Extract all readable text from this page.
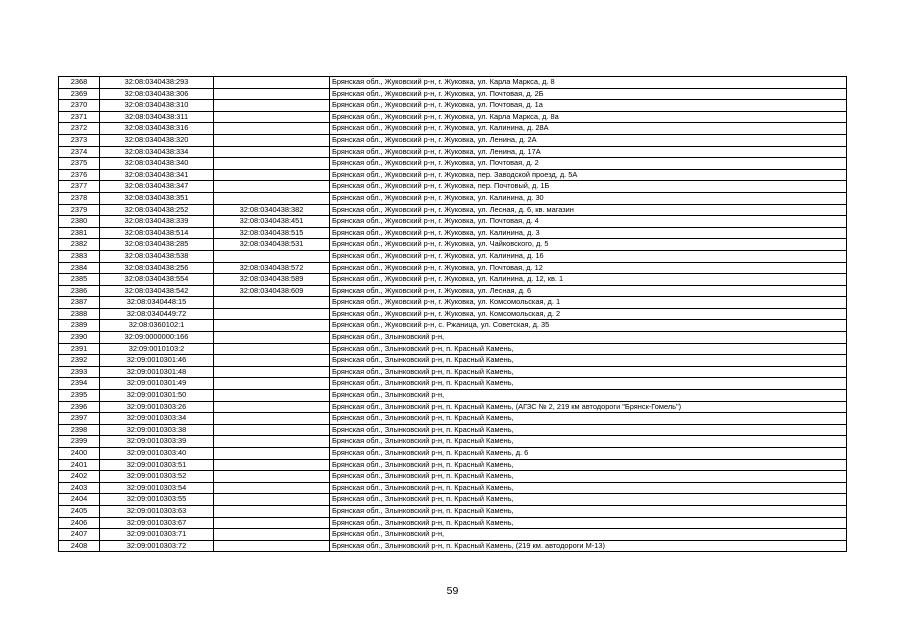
2368	32:08:0340438:293		Брянская обл., Жуковский р-н, г. Жуковка, ул. Карла Маркса, д. 8
2369	32:08:0340438:306		Брянская обл., Жуковский р-н, г. Жуковка, ул. Почтовая, д. 2Б
2370	32:08:0340438:310		Брянская обл., Жуковский р-н, г. Жуковка, ул. Почтовая, д. 1а
2371	32:08:0340438:311		Брянская обл., Жуковский р-н, г. Жуковка, ул. Карла Маркса, д. 8а
2372	32:08:0340438:316		Брянская обл., Жуковский р-н, г. Жуковка, ул. Калинина, д. 28А
2373	32:08:0340438:320		Брянская обл., Жуковский р-н, г. Жуковка, ул. Ленина, д. 2А
2374	32:08:0340438:334		Брянская обл., Жуковский р-н, г. Жуковка, ул. Ленина, д. 17А
2375	32:08:0340438:340		Брянская обл., Жуковский р-н, г. Жуковка, ул. Почтовая, д. 2
2376	32:08:0340438:341		Брянская обл., Жуковский р-н, г. Жуковка, пер. Заводской проезд, д. 5А
2377	32:08:0340438:347		Брянская обл., Жуковский р-н, г. Жуковка, пер. Почтовый, д. 1Б
2378	32:08:0340438:351		Брянская обл., Жуковский р-н, г. Жуковка, ул. Калинина, д. 30
2379	32:08:0340438:252	32:08:0340438:382	Брянская обл., Жуковский р-н, г. Жуковка, ул. Лесная, д. 6, кв. магазин
2380	32:08:0340438:339	32:08:0340438:451	Брянская обл., Жуковский р-н, г. Жуковка, ул. Почтовая, д. 4
2381	32:08:0340438:514	32:08:0340438:515	Брянская обл., Жуковский р-н, г. Жуковка, ул. Калинина, д. 3
2382	32:08:0340438:285	32:08:0340438:531	Брянская обл., Жуковский р-н, г. Жуковка, ул. Чайковского, д. 5
2383	32:08:0340438:538		Брянская обл., Жуковский р-н, г. Жуковка, ул. Калинина, д. 16
2384	32:08:0340438:256	32:08:0340438:572	Брянская обл., Жуковский р-н, г. Жуковка, ул. Почтовая, д. 12
2385	32:08:0340438:554	32:08:0340438:589	Брянская обл., Жуковский р-н, г. Жуковка, ул. Калинина, д. 12, кв. 1
2386	32:08:0340438:542	32:08:0340438:609	Брянская обл., Жуковский р-н, г. Жуковка, ул. Лесная, д. 6
2387	32:08:0340448:15		Брянская обл., Жуковский р-н, г. Жуковка, ул. Комсомольская, д. 1
2388	32:08:0340449:72		Брянская обл., Жуковский р-н, г. Жуковка, ул. Комсомольская, д. 2
2389	32:08:0360102:1		Брянская обл., Жуковский р-н, с. Ржаница, ул. Советская, д. 35
2390	32:09:0000000:166		Брянская обл., Злынковский р-н,
2391	32:09:0010103:2		Брянская обл., Злынковский р-н, п. Красный Камень,
2392	32:09:0010301:46		Брянская обл., Злынковский р-н, п. Красный Камень,
2393	32:09:0010301:48		Брянская обл., Злынковский р-н, п. Красный Камень,
2394	32:09:0010301:49		Брянская обл., Злынковский р-н, п. Красный Камень,
2395	32:09:0010301:50		Брянская обл., Злынковский р-н,
2396	32:09:0010303:26		Брянская обл., Злынковский р-н, п. Красный Камень, (АГЗС № 2, 219 км автодороги "Брянск-Гомель")
2397	32:09:0010303:34		Брянская обл., Злынковский р-н, п. Красный Камень,
2398	32:09:0010303:38		Брянская обл., Злынковский р-н, п. Красный Камень,
2399	32:09:0010303:39		Брянская обл., Злынковский р-н, п. Красный Камень,
2400	32:09:0010303:40		Брянская обл., Злынковский р-н, п. Красный Камень, д. 6
2401	32:09:0010303:51		Брянская обл., Злынковский р-н, п. Красный Камень,
2402	32:09:0010303:52		Брянская обл., Злынковский р-н, п. Красный Камень,
2403	32:09:0010303:54		Брянская обл., Злынковский р-н, п. Красный Камень,
2404	32:09:0010303:55		Брянская обл., Злынковский р-н, п. Красный Камень,
2405	32:09:0010303:63		Брянская обл., Злынковский р-н, п. Красный Камень,
2406	32:09:0010303:67		Брянская обл., Злынковский р-н, п. Красный Камень,
2407	32:09:0010303:71		Брянская обл., Злынковский р-н,
2408	32:09:0010303:72		Брянская обл., Злынковский р-н, п. Красный Камень, (219 км. автодороги М-13)
59
